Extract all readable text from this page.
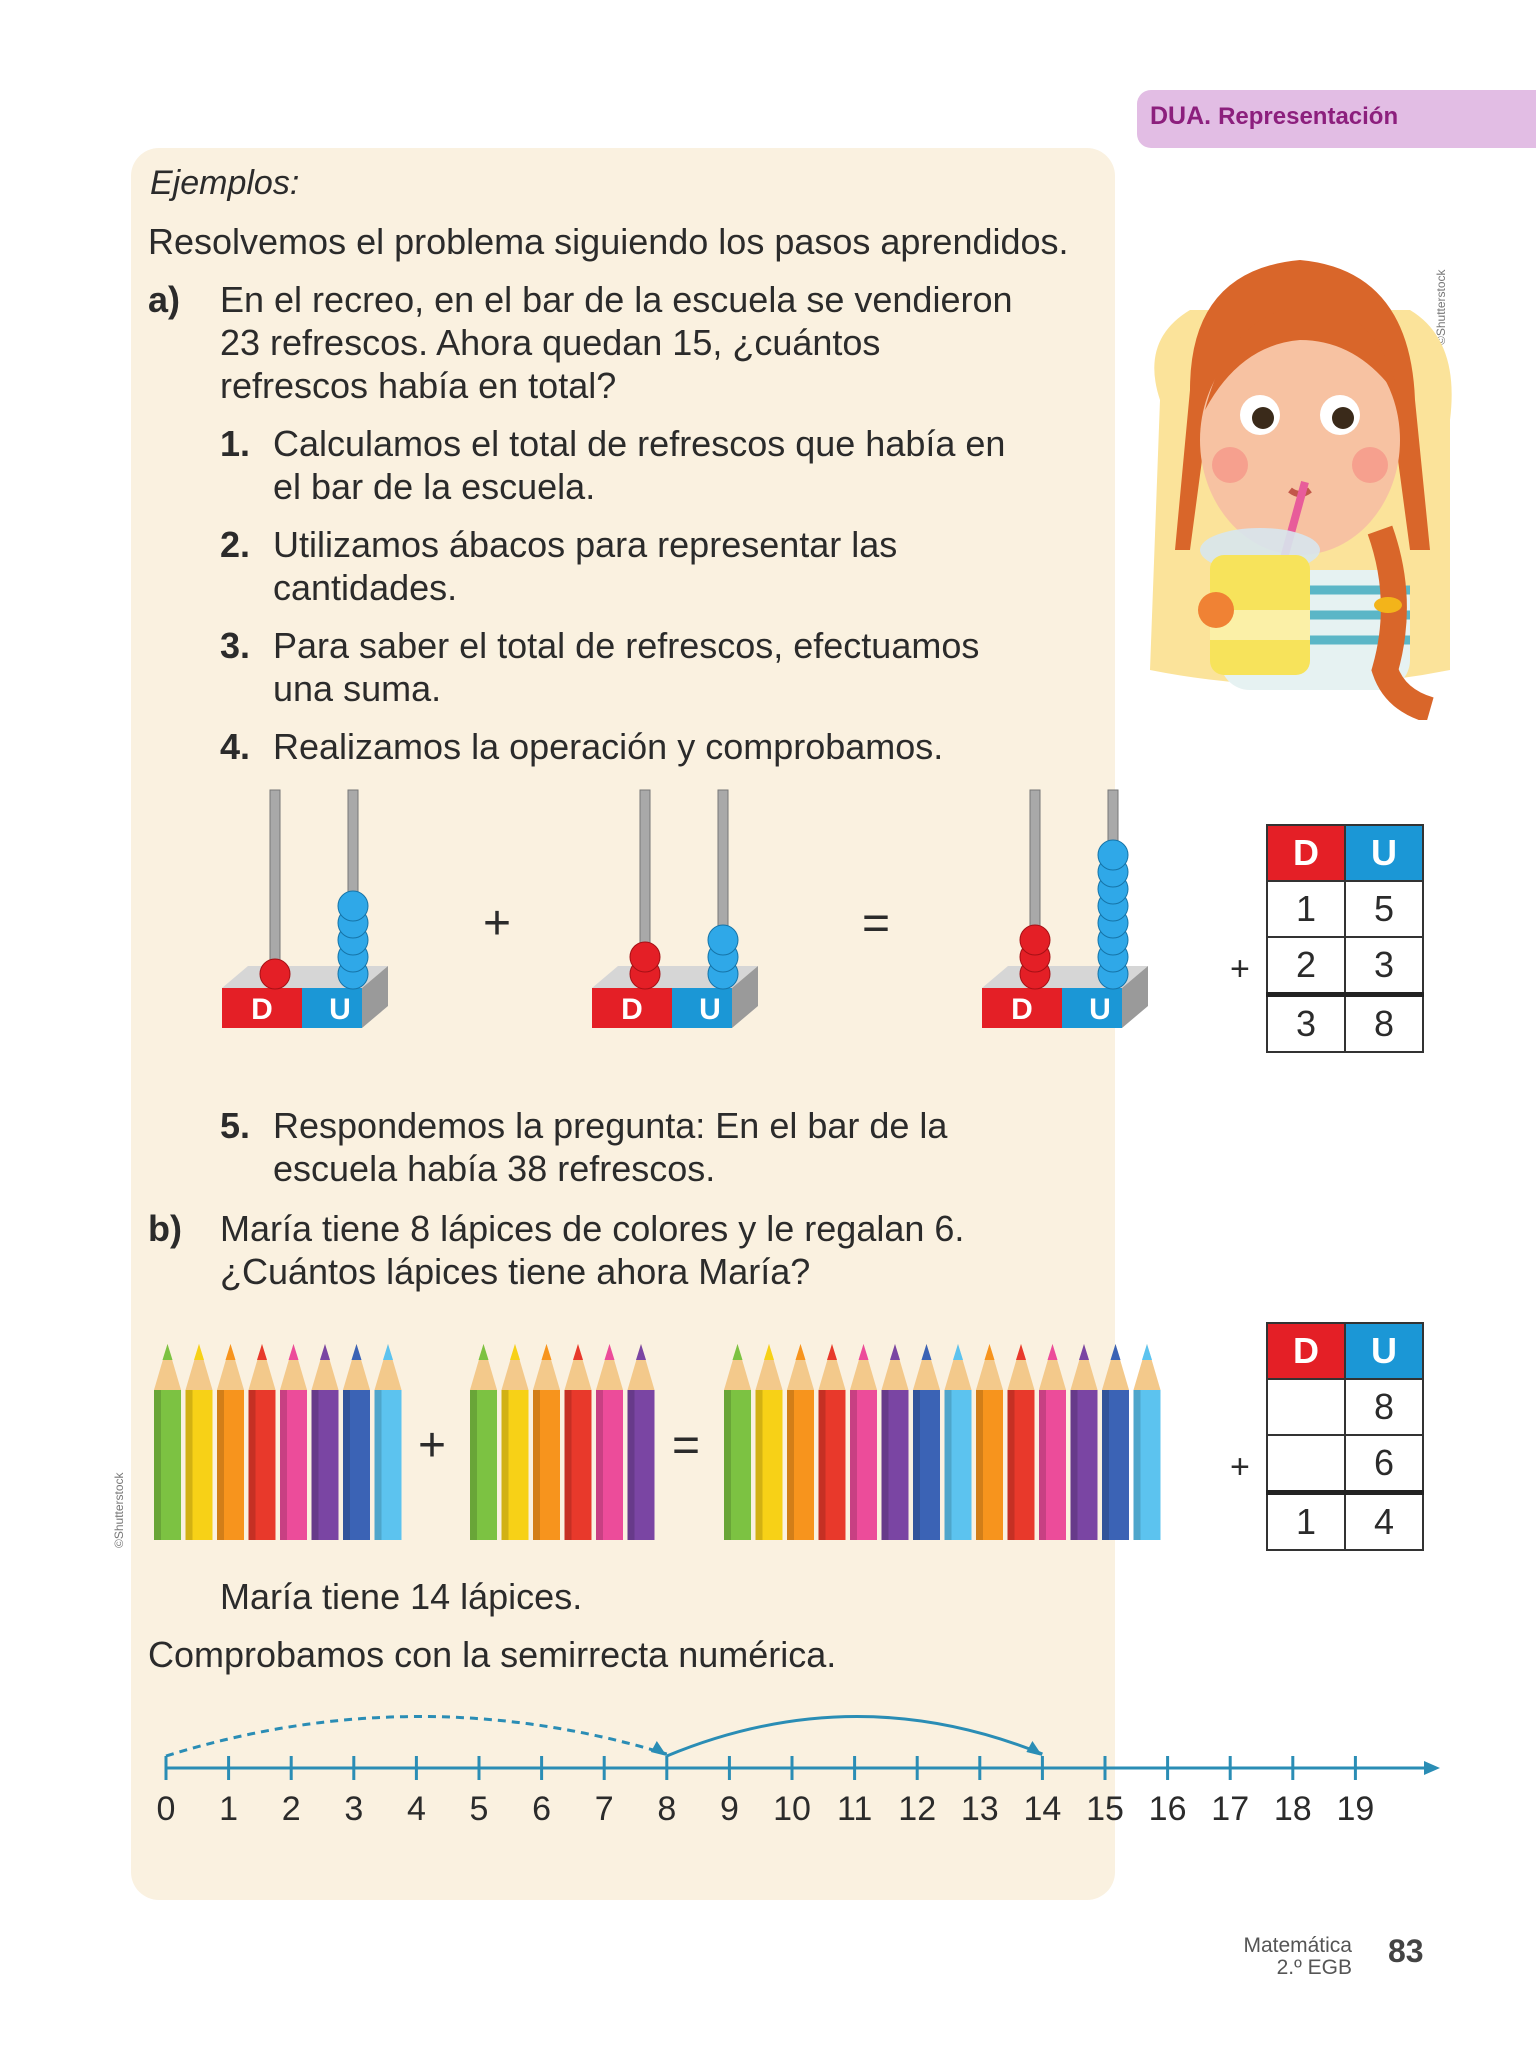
DUA. Representación
©Shutterstock
©Shutterstock
Ejemplos:
Resolvemos el problema siguiendo los pasos aprendidos.
a) En el recreo, en el bar de la escuela se vendieron
23 refrescos. Ahora quedan 15, ¿cuántos
refrescos había en total?
1. Calculamos el total de refrescos que había en
el bar de la escuela.
2. Utilizamos ábacos para representar las
cantidades.
3. Para saber el total de refrescos, efectuamos
una suma.
4. Realizamos la operación y comprobamos.
D U	D U	D U
+	=
+
D	U
1	5
2	3
3	8
5. Respondemos la pregunta: En el bar de la
escuela había 38 refrescos.
b) María tiene 8 lápices de colores y le regalan 6.
¿Cuántos lápices tiene ahora María?
+	=	+
D	U
	8
	6
1	4
María tiene 14 lápices.
Comprobamos con la semirrecta numérica.
0 1 2 3 4 5 6 7 8 9 10 11 12 13 14 15 16 17 18 19
Matemática
2.º EGB 83
